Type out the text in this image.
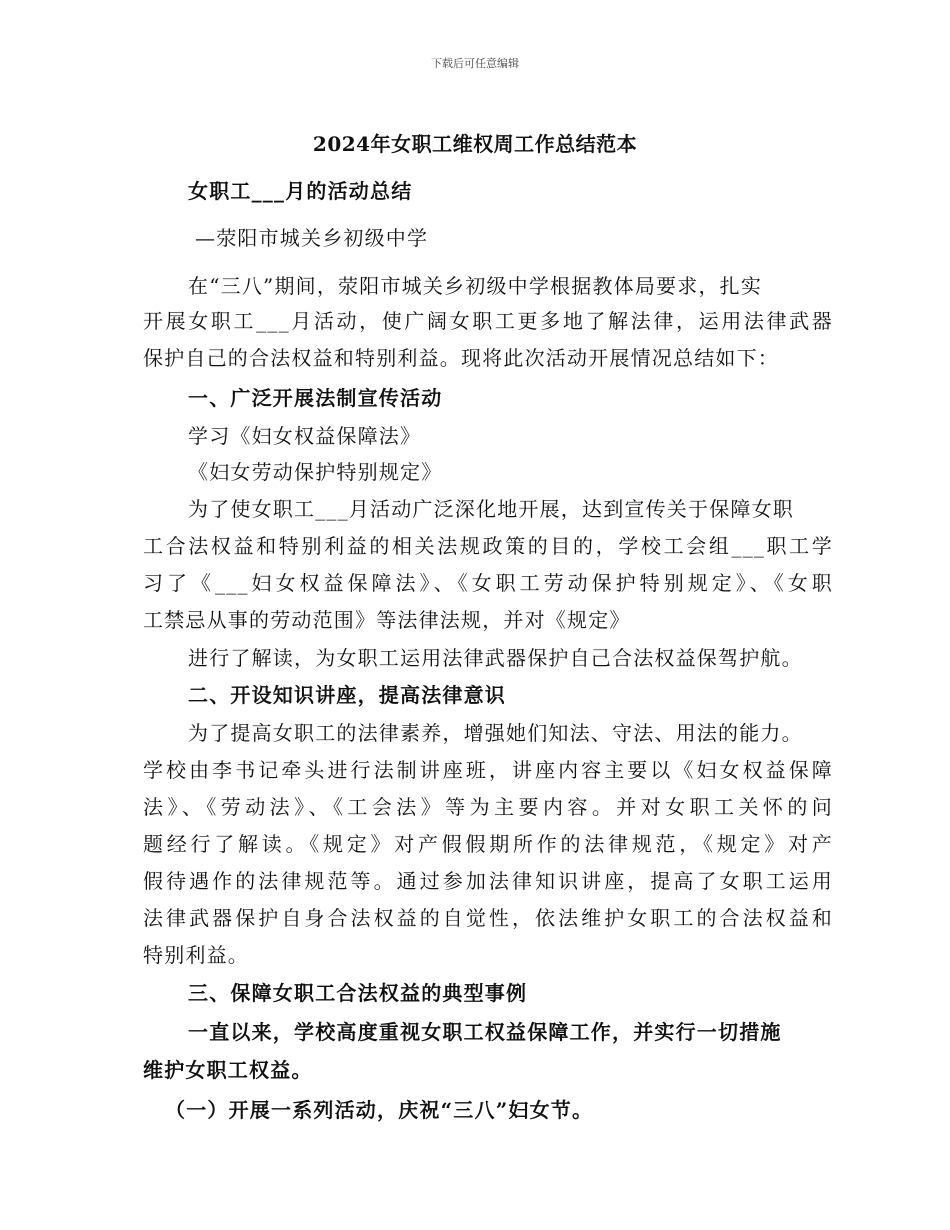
下载后可任意编辑
2024年女职工维权周工作总结范本
女职工___月的活动总结
—荥阳市城关乡初级中学
在“三八”期间，荥阳市城关乡初级中学根据教体局要求，扎实
开展女职工___月活动，使广阔女职工更多地了解法律，运用法律武器
保护自己的合法权益和特别利益。现将此次活动开展情况总结如下：
一、广泛开展法制宣传活动
学习《妇女权益保障法》
《妇女劳动保护特别规定》
为了使女职工___月活动广泛深化地开展，达到宣传关于保障女职
工合法权益和特别利益的相关法规政策的目的，学校工会组___职工学
习了《___妇女权益保障法》、《女职工劳动保护特别规定》、《女职
工禁忌从事的劳动范围》等法律法规，并对《规定》
进行了解读，为女职工运用法律武器保护自己合法权益保驾护航。
二、开设知识讲座，提高法律意识
为了提高女职工的法律素养，增强她们知法、守法、用法的能力。
学校由李书记牵头进行法制讲座班，讲座内容主要以《妇女权益保障
法》、《劳动法》、《工会法》等为主要内容。并对女职工关怀的问
题经行了解读。《规定》对产假假期所作的法律规范，《规定》对产
假待遇作的法律规范等。通过参加法律知识讲座，提高了女职工运用
法律武器保护自身合法权益的自觉性，依法维护女职工的合法权益和
特别利益。
三、保障女职工合法权益的典型事例
一直以来，学校高度重视女职工权益保障工作，并实行一切措施
维护女职工权益。
（一）开展一系列活动，庆祝“三八”妇女节。
